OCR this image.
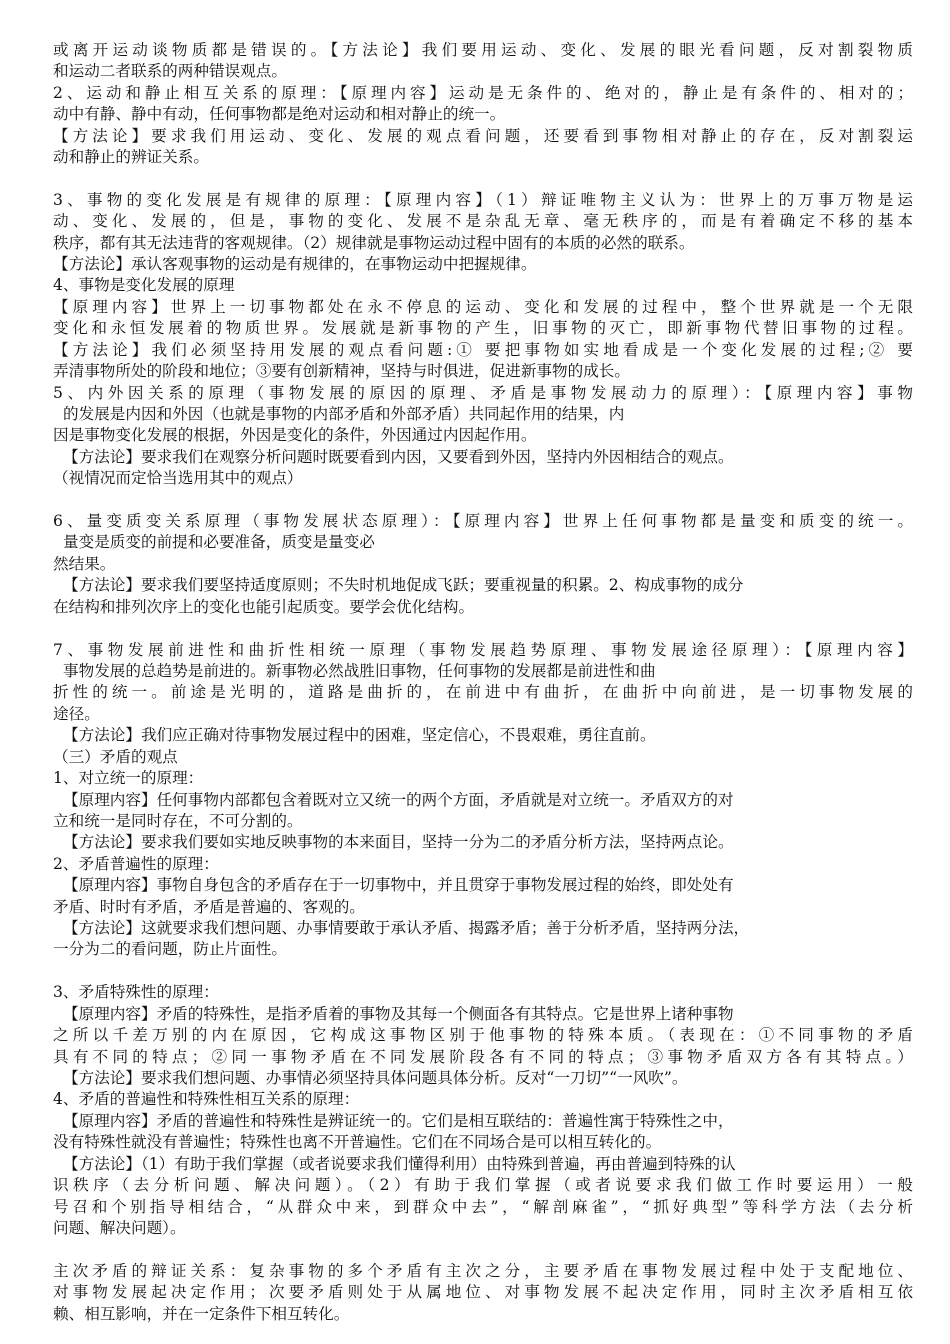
或离开运动谈物质都是错误的。【方法论】我们要用运动、变化、发展的眼光看问题，反对割裂物质
和运动二者联系的两种错误观点。
2、运动和静止相互关系的原理：【原理内容】运动是无条件的、绝对的，静止是有条件的、相对的；
动中有静、静中有动，任何事物都是绝对运动和相对静止的统一。
【方法论】要求我们用运动、变化、发展的观点看问题，还要看到事物相对静止的存在，反对割裂运
动和静止的辨证关系。
3、事物的变化发展是有规律的原理：【原理内容】（1）辩证唯物主义认为：世界上的万事万物是运
动、变化、发展的，但是，事物的变化、发展不是杂乱无章、毫无秩序的，而是有着确定不移的基本
秩序，都有其无法违背的客观规律。（2）规律就是事物运动过程中固有的本质的必然的联系。
【方法论】承认客观事物的运动是有规律的，在事物运动中把握规律。
4、事物是变化发展的原理
【原理内容】世界上一切事物都处在永不停息的运动、变化和发展的过程中，整个世界就是一个无限
变化和永恒发展着的物质世界。发展就是新事物的产生，旧事物的灭亡，即新事物代替旧事物的过程。
【方法论】我们必须坚持用发展的观点看问题:① 要把事物如实地看成是一个变化发展的过程;② 要
弄清事物所处的阶段和地位；③要有创新精神，坚持与时俱进，促进新事物的成长。
5、内外因关系的原理（事物发展的原因的原理、矛盾是事物发展动力的原理）：【原理内容】事物
的发展是内因和外因（也就是事物的内部矛盾和外部矛盾）共同起作用的结果，内
因是事物变化发展的根据，外因是变化的条件，外因通过内因起作用。
【方法论】要求我们在观察分析问题时既要看到内因，又要看到外因，坚持内外因相结合的观点。
（视情况而定恰当选用其中的观点）
6、量变质变关系原理（事物发展状态原理）：【原理内容】世界上任何事物都是量变和质变的统一。
量变是质变的前提和必要准备，质变是量变必
然结果。
【方法论】要求我们要坚持适度原则；不失时机地促成飞跃；要重视量的积累。2、构成事物的成分
在结构和排列次序上的变化也能引起质变。要学会优化结构。
7、事物发展前进性和曲折性相统一原理（事物发展趋势原理、事物发展途径原理）：【原理内容】
事物发展的总趋势是前进的。新事物必然战胜旧事物，任何事物的发展都是前进性和曲
折性的统一。前途是光明的，道路是曲折的，在前进中有曲折，在曲折中向前进，是一切事物发展的
途径。
【方法论】我们应正确对待事物发展过程中的困难，坚定信心，不畏艰难，勇往直前。
（三）矛盾的观点
1、对立统一的原理：
【原理内容】任何事物内部都包含着既对立又统一的两个方面，矛盾就是对立统一。矛盾双方的对
立和统一是同时存在，不可分割的。
【方法论】要求我们要如实地反映事物的本来面目，坚持一分为二的矛盾分析方法，坚持两点论。
2、矛盾普遍性的原理：
【原理内容】事物自身包含的矛盾存在于一切事物中，并且贯穿于事物发展过程的始终，即处处有
矛盾、时时有矛盾，矛盾是普遍的、客观的。
【方法论】这就要求我们想问题、办事情要敢于承认矛盾、揭露矛盾；善于分析矛盾，坚持两分法，
一分为二的看问题，防止片面性。
3、矛盾特殊性的原理：
【原理内容】矛盾的特殊性，是指矛盾着的事物及其每一个侧面各有其特点。它是世界上诸种事物
之所以千差万别的内在原因，它构成这事物区别于他事物的特殊本质。（表现在：①不同事物的矛盾
具有不同的特点；②同一事物矛盾在不同发展阶段各有不同的特点；③事物矛盾双方各有其特点。）
【方法论】要求我们想问题、办事情必须坚持具体问题具体分析。反对“一刀切”“一风吹”。
4、矛盾的普遍性和特殊性相互关系的原理：
【原理内容】矛盾的普遍性和特殊性是辨证统一的。它们是相互联结的：普遍性寓于特殊性之中，
没有特殊性就没有普遍性；特殊性也离不开普遍性。它们在不同场合是可以相互转化的。
【方法论】（1）有助于我们掌握（或者说要求我们懂得利用）由特殊到普遍，再由普遍到特殊的认
识秩序（去分析问题、解决问题）。（2）有助于我们掌握（或者说要求我们做工作时要运用）一般
号召和个别指导相结合，“从群众中来，到群众中去”，“解剖麻雀”，“抓好典型”等科学方法（去分析
问题、解决问题）。
主次矛盾的辩证关系：复杂事物的多个矛盾有主次之分，主要矛盾在事物发展过程中处于支配地位、
对事物发展起决定作用；次要矛盾则处于从属地位、对事物发展不起决定作用，同时主次矛盾相互依
赖、相互影响，并在一定条件下相互转化。
